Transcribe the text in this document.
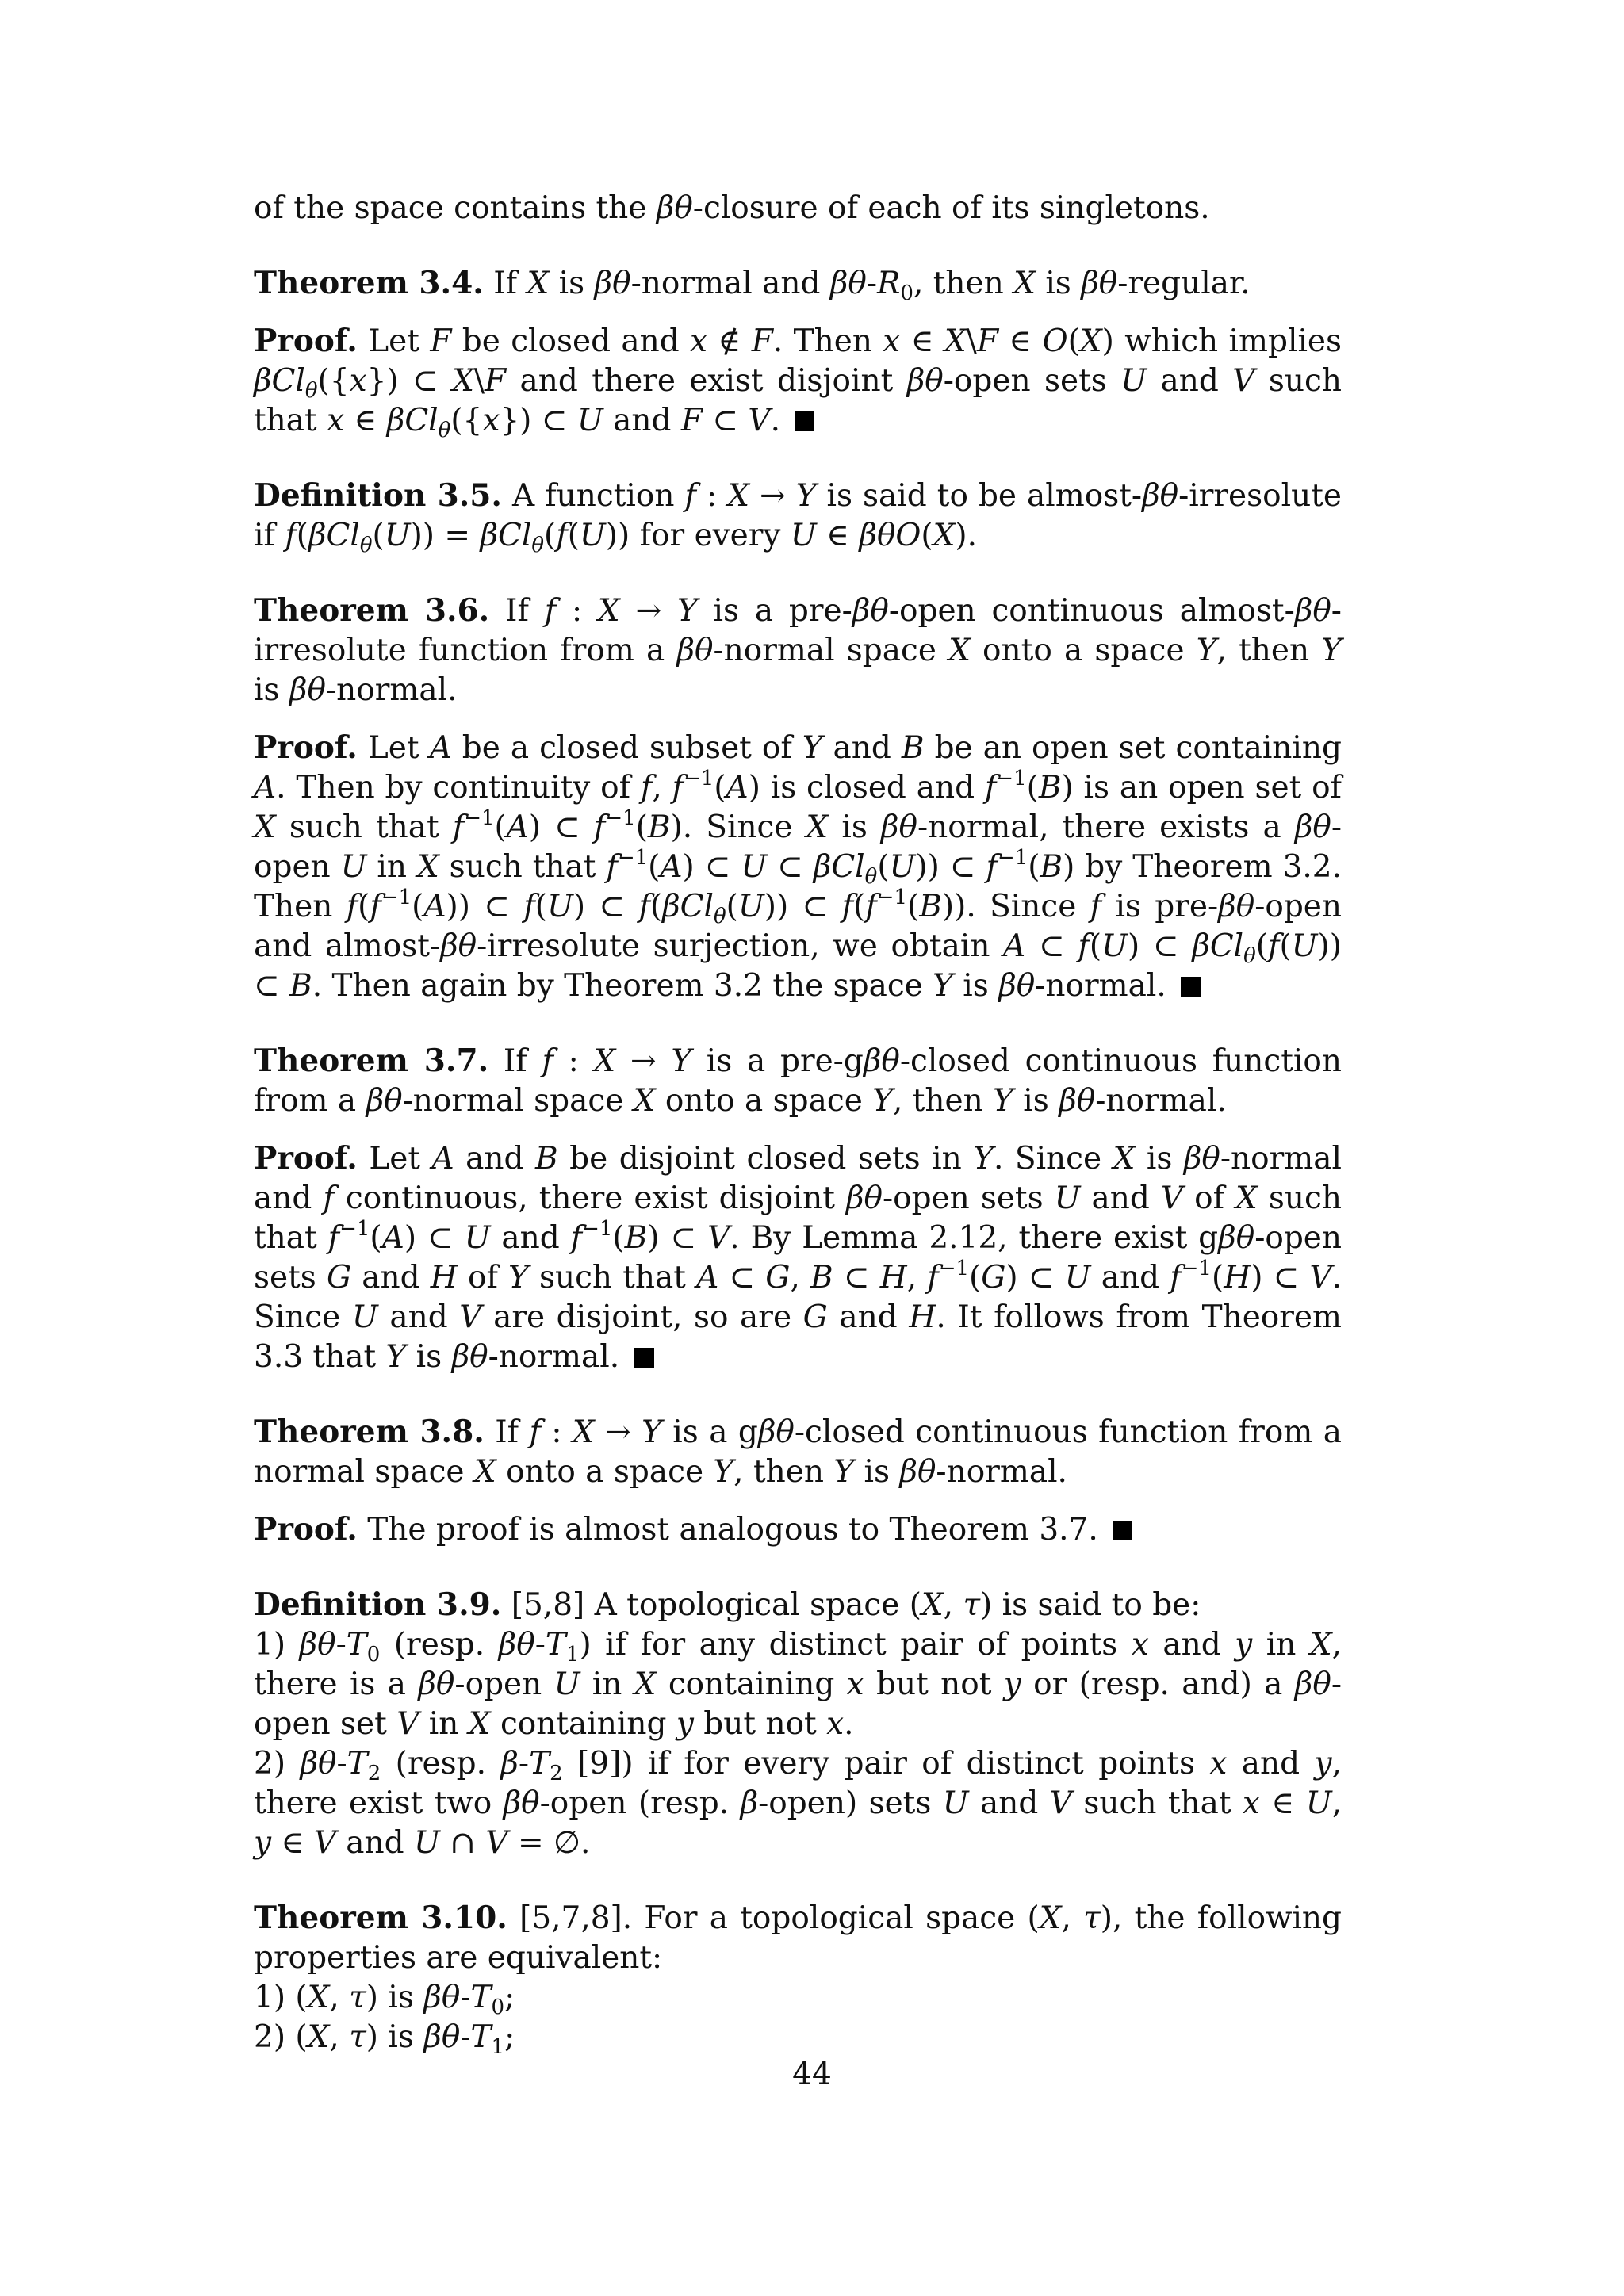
of the space contains the βθ-closure of each of its singletons.

Theorem 3.4. If X is βθ-normal and $\beta\theta-R_0$, then X is βθ-regular.

Proof. Let F be closed and x ∉ F. Then x ∈ X\F ∈ O(X) which implies βCl$_\theta$({x}) ⊂ X\F and there exist disjoint βθ-open sets U and V such that x ∈ βCl$_\theta$({x}) ⊂ U and F ⊂ V.

Definition 3.5. A function f : X → Y is said to be almost-βθ-irresolute if f(βCl$_\theta$(U)) = βCl$_\theta$(f(U)) for every U ∈ βθO(X).

Theorem 3.6. If f : X → Y is a pre-βθ-open continuous almost-βθ-irresolute function from a βθ-normal space X onto a space Y, then Y is βθ-normal.

Proof. Let A be a closed subset of Y and B be an open set containing A. Then by continuity of f, $f^{-1}(A)$ is closed and $f^{-1}(B)$ is an open set of X such that $f^{-1}(A)$ ⊂ $f^{-1}(B)$. Since X is βθ-normal, there exists a βθ-open U in X such that $f^{-1}(A)$ ⊂ U ⊂ βCl$_\theta$(U)) ⊂ $f^{-1}(B)$ by Theorem 3.2. Then $f(f^{-1}(A))$ ⊂ f(U) ⊂ f(βCl$_\theta$(U)) ⊂ $f(f^{-1}(B))$. Since f is pre-βθ-open and almost-βθ-irresolute surjection, we obtain A ⊂ f(U) ⊂ βCl$_\theta$(f(U)) ⊂ B. Then again by Theorem 3.2 the space Y is βθ-normal.

Theorem 3.7. If f : X → Y is a pre-gβθ-closed continuous function from a βθ-normal space X onto a space Y, then Y is βθ-normal.

Proof. Let A and B be disjoint closed sets in Y. Since X is βθ-normal and f continuous, there exist disjoint βθ-open sets U and V of X such that $f^{-1}(A)$ ⊂ U and $f^{-1}(B)$ ⊂ V. By Lemma 2.12, there exist gβθ-open sets G and H of Y such that A ⊂ G, B ⊂ H, $f^{-1}(G)$ ⊂ U and $f^{-1}(H)$ ⊂ V. Since U and V are disjoint, so are G and H. It follows from Theorem 3.3 that Y is βθ-normal.

Theorem 3.8. If f : X → Y is a gβθ-closed continuous function from a normal space X onto a space Y, then Y is βθ-normal.

Proof. The proof is almost analogous to Theorem 3.7.

Definition 3.9. [5,8] A topological space (X, τ) is said to be:
1) $\beta\theta-T_0$ (resp. $\beta\theta-T_1$) if for any distinct pair of points x and y in X, there is a βθ-open U in X containing x but not y or (resp. and) a βθ-open set V in X containing y but not x.
2) $\beta\theta-T_2$ (resp. $\beta-T_2$ [9]) if for every pair of distinct points x and y, there exist two βθ-open (resp. β-open) sets U and V such that x ∈ U, y ∈ V and U ∩ V = ∅.

Theorem 3.10. [5,7,8]. For a topological space (X, τ), the following properties are equivalent:
1) (X, τ) is $\beta\theta-T_0$;
2) (X, τ) is $\beta\theta-T_1$;

44
